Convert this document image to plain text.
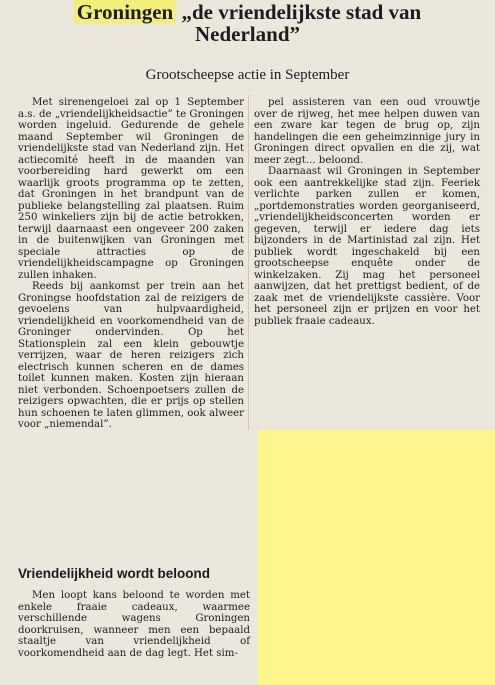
Groningen „de vriendelijkste stad van
Nederland”
Grootscheepse actie in September

Met sirenengeloei zal op 1 September a.s. de „vriendelijkheidsactie” te Groningen worden ingeluid. Gedurende de gehele maand September wil Groningen de vriendelijkste stad van Nederland zijn. Het actiecomité heeft in de maanden van voorbereiding hard gewerkt om een waarlijk groots programma op te zetten, dat Groningen in het brandpunt van de publieke belangstelling zal plaatsen. Ruim 250 winkeliers zijn bij de actie betrokken, terwijl daarnaast een ongeveer 200 zaken in de buitenwijken van Groningen met speciale attracties op de vriendelijkheidscampagne op Groningen zullen inhaken.

Reeds bij aankomst per trein aan het Groningse hoofdstation zal de reizigers de gevoelens van hulpvaardigheid, vriendelijkheid en voorkomendheid van de Groninger ondervinden. Op het Stationsplein zal een klein gebouwtje verrijzen, waar de heren reizigers zich electrisch kunnen scheren en de dames toilet kunnen maken. Kosten zijn hieraan niet verbonden. Schoenpoetsers zullen de reizigers opwachten, die er prijs op stellen hun schoenen te laten glimmen, ook alweer voor „niemendal”.

pel assisteren van een oud vrouwtje over de rijweg, het mee helpen duwen van een zware kar tegen de brug op, zijn handelingen die een geheimzinnige jury in Groningen direct opvallen en die zij, wat meer zegt... beloond.

Daarnaast wil Groningen in September ook een aantrekkelijke stad zijn. Feeriek verlichte parken zullen er komen, „portdemonstraties worden georganiseerd, „vriendelijkheidsconcerten worden er gegeven, terwijl er iedere dag iets bijzonders in de Martinistad zal zijn. Het publiek wordt ingeschakeld bij een grootscheepse enquête onder de winkelzaken. Zij mag het personeel aanwijzen, dat het prettigst bedient, of de zaak met de vriendelijkste cassière. Voor het personeel zijn er prijzen en voor het publiek fraaie cadeaux.

Vriendelijkheid wordt beloond

Men loopt kans beloond te worden met enkele fraaie cadeaux, waarmee verschillende wagens Groningen doorkruisen, wanneer men een bepaald staaltje van vriendelijkheid of voorkomendheid aan de dag legt. Het sim-
